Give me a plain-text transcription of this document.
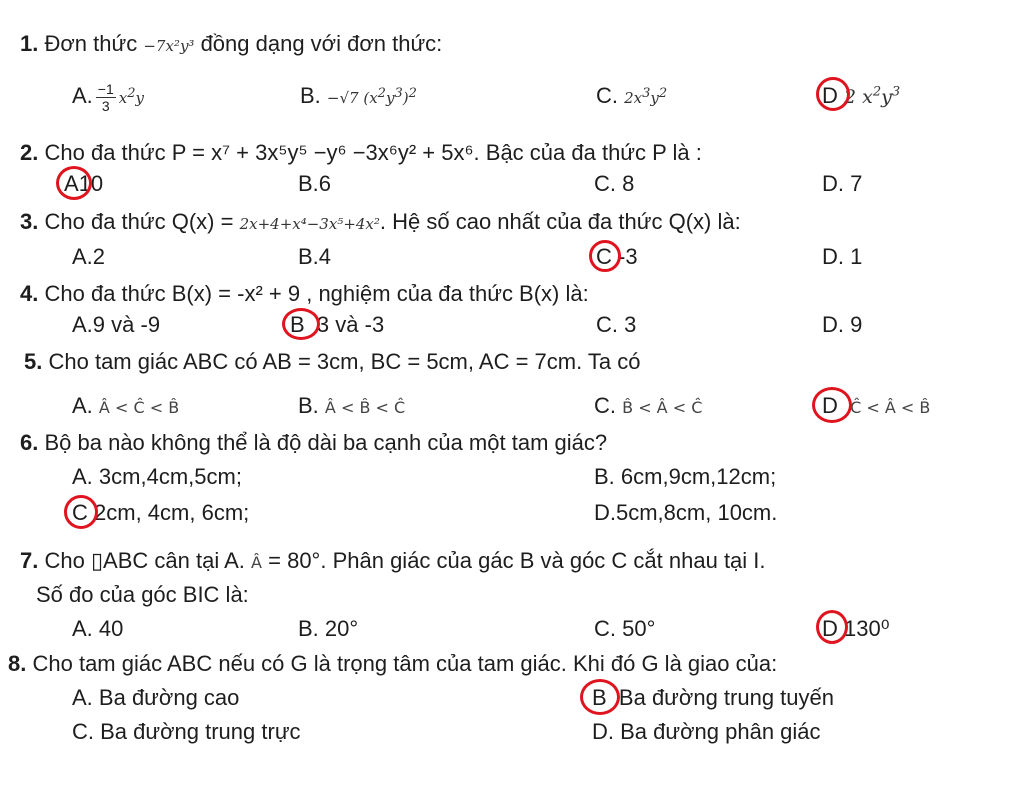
1. Đơn thức −7x²y³ đồng dạng với đơn thức:
A. $\frac{-1}{3} x^2y$	B. −√7 $(x^2y^3)^2$	C. $2x^3y^2$	D 2 $x^2y^3$
2. Cho đa thức P = x⁷ + 3x⁵y⁵ −y⁶ −3x⁶y² + 5x⁶. Bậc của đa thức P là :
A
10	B.6	C. 8	D. 7
3. Cho đa thức Q(x) = 2x+4+x⁴−3x⁵+4x². Hệ số cao nhất của đa thức Q(x) là:
A.2	B.4	C -3	D. 1
4. Cho đa thức B(x) = -x² + 9 , nghiệm của đa thức B(x) là:
A.9 và -9	B 3 và -3	C. 3	D. 9
5. Cho tam giác ABC có AB = 3cm, BC = 5cm, AC = 7cm. Ta có
A. Â < Ĉ < B̂	B. Â < B̂ < Ĉ	C. B̂ < Â < Ĉ	D Ĉ < Â < B̂
6. Bộ ba nào không thể là độ dài ba cạnh của một tam giác?
A. 3cm,4cm,5cm;	B. 6cm,9cm,12cm;
C 2cm, 4cm, 6cm;	D.5cm,8cm, 10cm.
7. Cho ▯ABC cân tại A. Â = 80°. Phân giác của gác B và góc C cắt nhau tại I.
Số đo của góc BIC là:
A. 40	B. 20°	C. 50°	D 130⁰
8. Cho tam giác ABC nếu có G là trọng tâm của tam giác. Khi đó G là giao của:
A. Ba đường cao	B Ba đường trung tuyến
C. Ba đường trung trực	D. Ba đường phân giác
